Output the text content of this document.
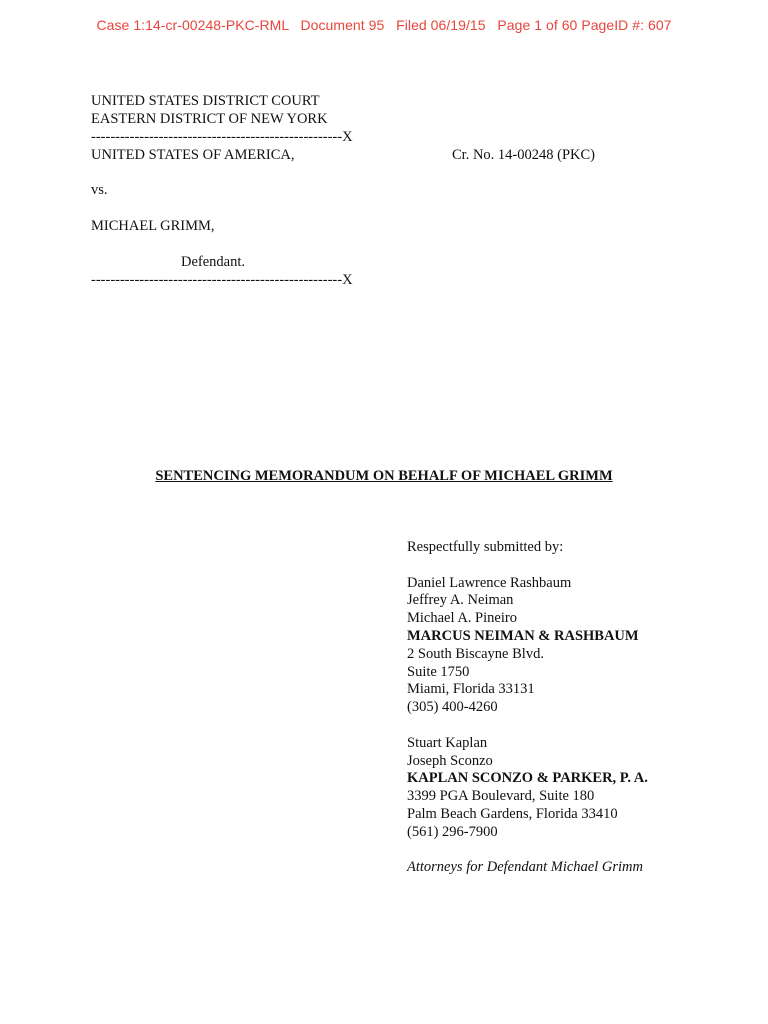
Case 1:14-cr-00248-PKC-RML   Document 95   Filed 06/19/15   Page 1 of 60 PageID #: 607
UNITED STATES DISTRICT COURT
EASTERN DISTRICT OF NEW YORK
----------------------------------------------------X
UNITED STATES OF AMERICA,	Cr. No. 14-00248 (PKC)
vs.
MICHAEL GRIMM,
Defendant.
----------------------------------------------------X
SENTENCING MEMORANDUM ON BEHALF OF MICHAEL GRIMM
Respectfully submitted by:
Daniel Lawrence Rashbaum
Jeffrey A. Neiman
Michael A. Pineiro
MARCUS NEIMAN & RASHBAUM
2 South Biscayne Blvd.
Suite 1750
Miami, Florida 33131
(305) 400-4260
Stuart Kaplan
Joseph Sconzo
KAPLAN SCONZO & PARKER, P. A.
3399 PGA Boulevard, Suite 180
Palm Beach Gardens, Florida 33410
(561) 296-7900
Attorneys for Defendant Michael Grimm
